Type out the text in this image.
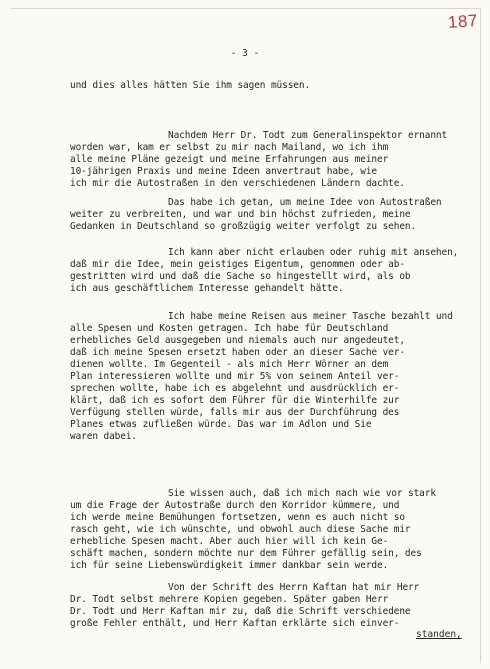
187
- 3 -
und dies alles hätten Sie ihm sagen müssen.
Nachdem Herr Dr. Todt zum Generalinspektor ernannt
worden war, kam er selbst zu mir nach Mailand, wo ich ihm
alle meine Pläne gezeigt und meine Erfahrungen aus meiner
10-jährigen Praxis und meine Ideen anvertraut habe, wie
ich mir die Autostraßen in den verschiedenen Ländern dachte.
Das habe ich getan, um meine Idee von Autostraßen
weiter zu verbreiten, und war und bin höchst zufrieden, meine
Gedanken in Deutschland so großzügig weiter verfolgt zu sehen.
Ich kann aber nicht erlauben oder ruhig mit ansehen,
daß mir die Idee, mein geistiges Eigentum, genommen oder ab-
gestritten wird und daß die Sache so hingestellt wird, als ob
ich aus geschäftlichem Interesse gehandelt hätte.
Ich habe meine Reisen aus meiner Tasche bezahlt und
alle Spesen und Kosten getragen. Ich habe für Deutschland
erhebliches Geld ausgegeben und niemals auch nur angedeutet,
daß ich meine Spesen ersetzt haben oder an dieser Sache ver-
dienen wollte. Im Gegenteil - als mich Herr Wörner an dem
Plan interessieren wollte und mir 5% von seinem Anteil ver-
sprechen wollte, habe ich es abgelehnt und ausdrücklich er-
klärt, daß ich es sofort dem Führer für die Winterhilfe zur
Verfügung stellen würde, falls mir aus der Durchführung des
Planes etwas zufließen würde. Das war im Adlon und Sie
waren dabei.
Sie wissen auch, daß ich mich nach wie vor stark
um die Frage der Autostraße durch den Korridor kümmere, und
ich werde meine Bemühungen fortsetzen, wenn es auch nicht so
rasch geht, wie ich wünschte, und obwohl auch diese Sache mir
erhebliche Spesen macht. Aber auch hier will ich kein Ge-
schäft machen, sondern möchte nur dem Führer gefällig sein, des
ich für seine Liebenswürdigkeit immer dankbar sein werde.
Von der Schrift des Herrn Kaftan hat mir Herr
Dr. Todt selbst mehrere Kopien gegeben. Später gaben Herr
Dr. Todt und Herr Kaftan mir zu, daß die Schrift verschiedene
große Fehler enthält, und Herr Kaftan erklärte sich einver-
standen,
